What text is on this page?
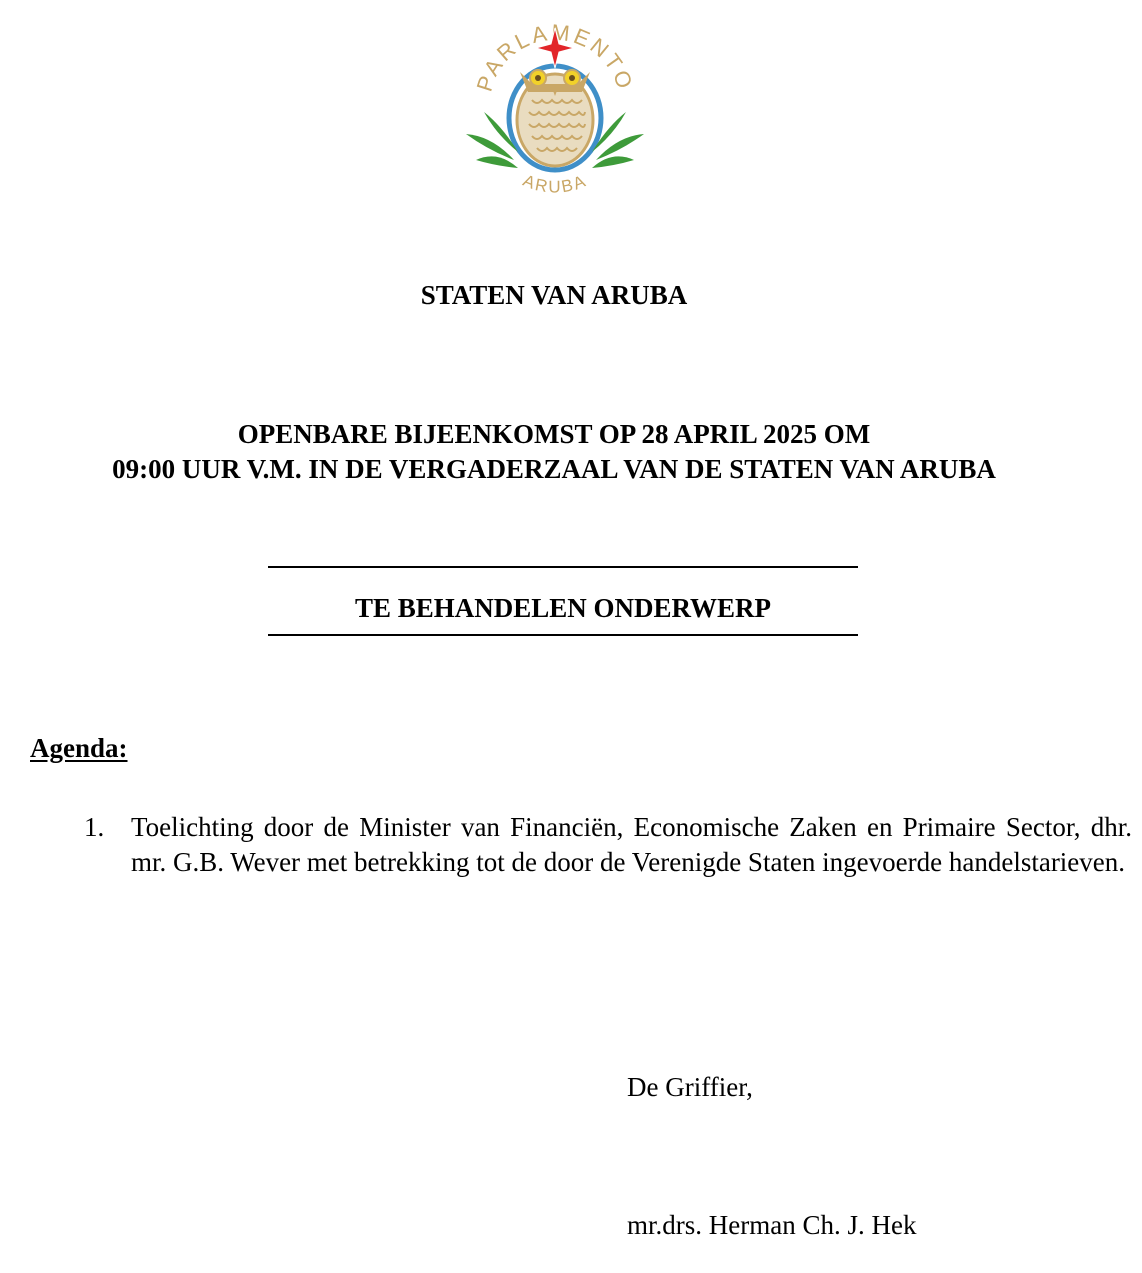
PARLAMENTO
ARUBA
STATEN VAN ARUBA
OPENBARE BIJEENKOMST OP 28 APRIL 2025 OM
09:00 UUR V.M. IN DE VERGADERZAAL VAN DE STATEN VAN ARUBA
TE BEHANDELEN ONDERWERP
Agenda:
1. Toelichting door de Minister van Financiën, Economische Zaken en Primaire Sector, dhr. mr. G.B. Wever met betrekking tot de door de Verenigde Staten ingevoerde handelstarieven.
De Griffier,
mr.drs. Herman Ch. J. Hek
